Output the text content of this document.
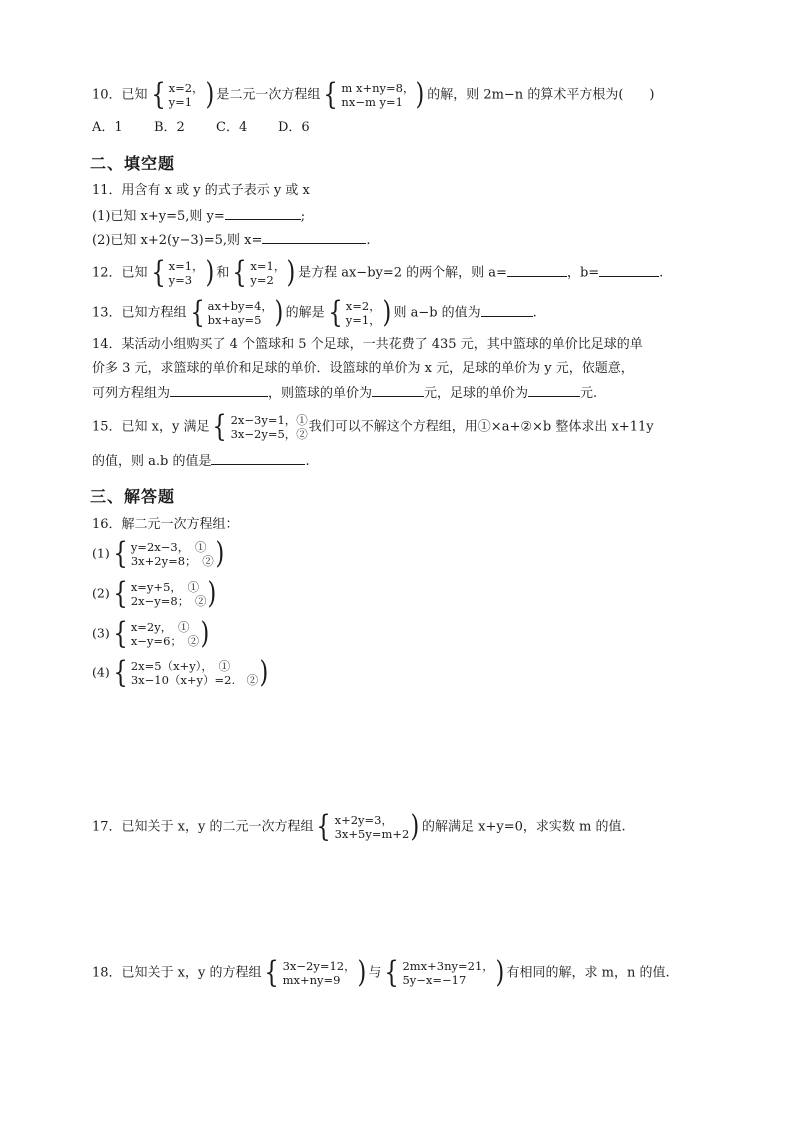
10．已知 { x=2，
y=1 ) 是二元一次方程组 { m x+ny=8，
nx−m y=1 ) 的解，则 2m−n 的算术平方根为(　　)
A．1 B．2 C．4 D．6
二、填空题
11．用含有 x 或 y 的式子表示 y 或 x
(1)已知 x+y=5,则 y=	;
(2)已知 x+2(y−3)=5,则 x=	.
12．已知 { x=1，
y=3 ) 和 { x=1，
y=2 ) 是方程 ax−by=2 的两个解，则 a=	，b=	.
13．已知方程组 { ax+by=4，
bx+ay=5 ) 的解是 { x=2，
y=1， ) 则 a−b 的值为	.
14．某活动小组购买了 4 个篮球和 5 个足球，一共花费了 435 元，其中篮球的单价比足球的单
价多 3 元，求篮球的单价和足球的单价．设篮球的单价为 x 元，足球的单价为 y 元，依题意，
可列方程组为	，则篮球的单价为	元，足球的单价为	元.
15．已知 x，y 满足 { 2x−3y=1，①
3x−2y=5，② 我们可以不解这个方程组，用①×a+②×b 整体求出 x+11y
的值，则 a.b 的值是	.
三、解答题
16．解二元一次方程组：
(1) { y=2x−3，　①
3x+2y=8；　② )
(2) { x=y+5，　①
2x−y=8；　② )
(3) { x=2y，　①
x−y=6；　② )
(4) { 2x=5（x+y），　①
3x−10（x+y）=2.　② )
17．已知关于 x，y 的二元一次方程组 { x+2y=3，
3x+5y=m+2 ) 的解满足 x+y=0，求实数 m 的值.
18．已知关于 x，y 的方程组 { 3x−2y=12，
mx+ny=9 ) 与 { 2mx+3ny=21，
5y−x=−17 ) 有相同的解，求 m，n 的值.
